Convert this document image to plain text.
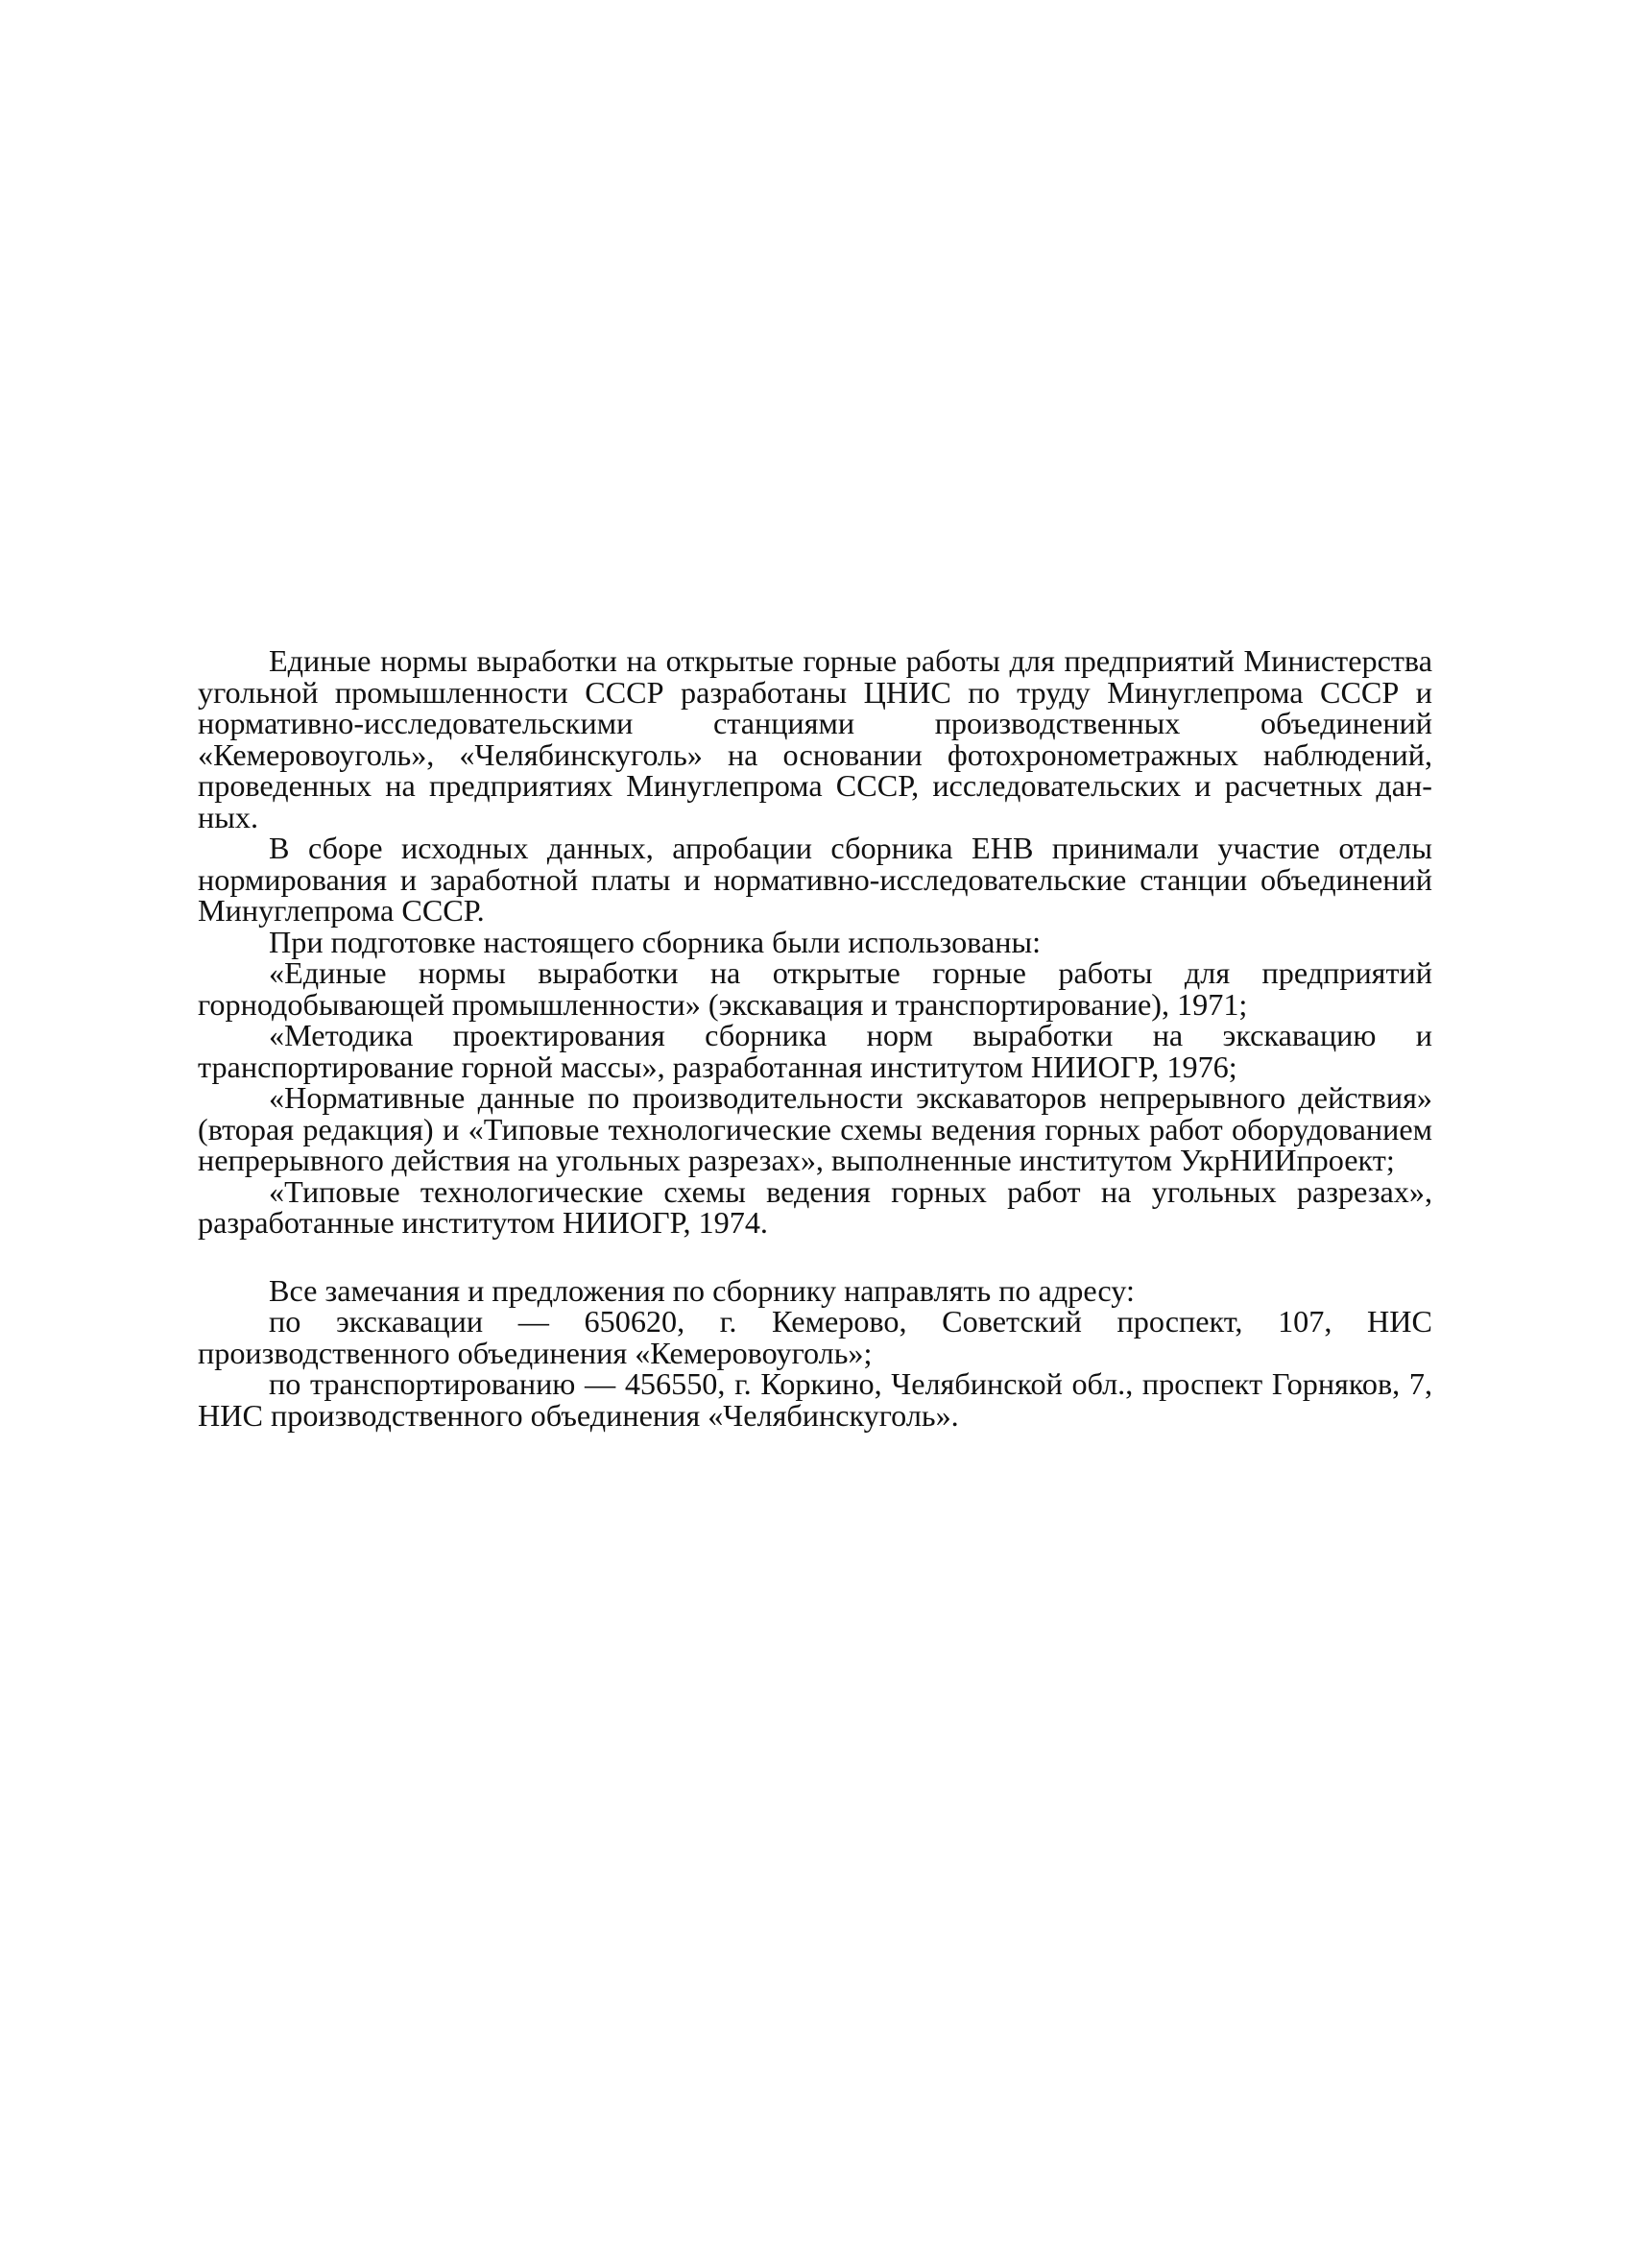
Единые нормы выработки на открытые горные работы для предприятий Министерства угольной промышленности СССР разработаны ЦНИС по труду Минуглепрома СССР и нормативно-исследовательскими станциями производственных объединений «Кемеровоуголь», «Челябинскуголь» на основании фотохронометражных наблюдений, проведенных на предприятиях Минуглепрома СССР, исследовательских и расчетных данных.

В сборе исходных данных, апробации сборника ЕНВ принимали участие отделы нормирования и заработной платы и нормативно-исследовательские станции объединений Минуглепрома СССР.

При подготовке настоящего сборника были использованы:

«Единые нормы выработки на открытые горные работы для предприятий горнодобывающей промышленности» (экскавация и транспортирование), 1971;

«Методика проектирования сборника норм выработки на экскавацию и транспортирование горной массы», разработанная институтом НИИОГР, 1976;

«Нормативные данные по производительности экскаваторов непрерывного действия» (вторая редакция) и «Типовые технологические схемы ведения горных работ оборудованием непрерывного действия на угольных разрезах», выполненные институтом УкрНИИпроект;

«Типовые технологические схемы ведения горных работ на угольных разрезах», разработанные институтом НИИОГР, 1974.

Все замечания и предложения по сборнику направлять по адресу:

по экскавации — 650620, г. Кемерово, Советский проспект, 107, НИС производственного объединения «Кемеровоуголь»;

по транспортированию — 456550, г. Коркино, Челябинской обл., проспект Горняков, 7, НИС производственного объединения «Челябинскуголь».
